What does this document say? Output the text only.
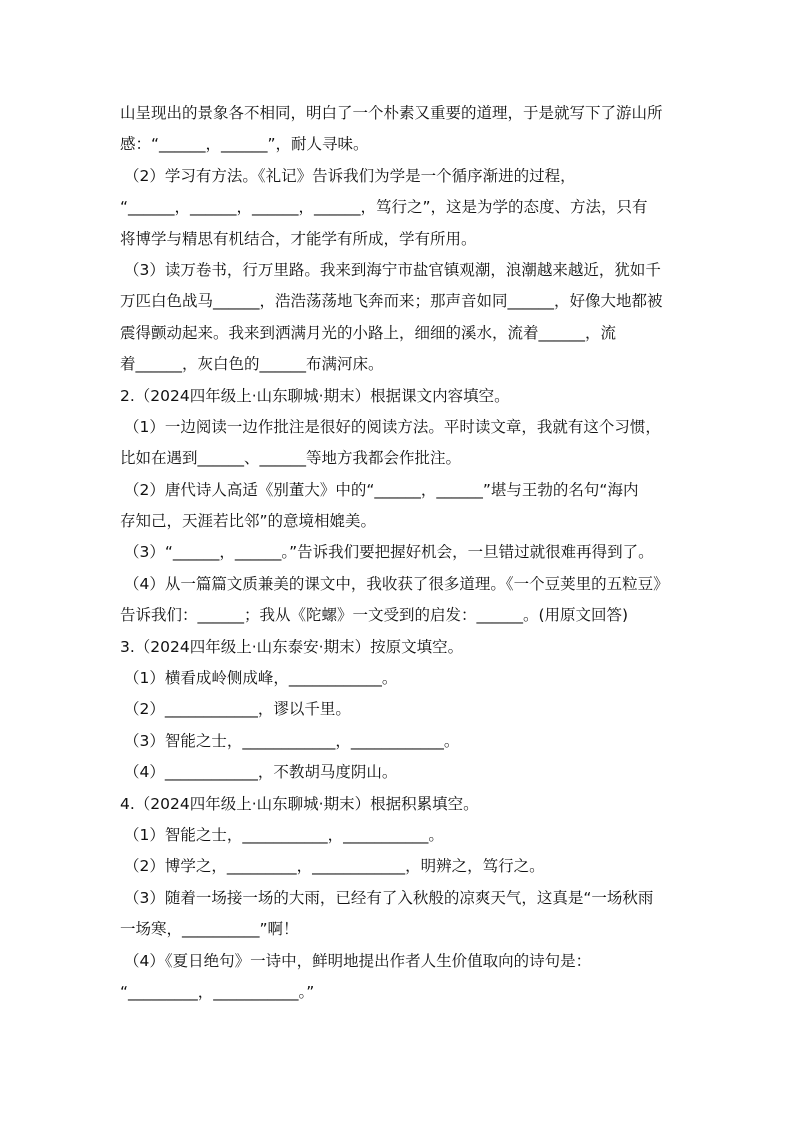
山呈现出的景象各不相同，明白了一个朴素又重要的道理，于是就写下了游山所
感：“______，______”，耐人寻味。
（2）学习有方法。《礼记》告诉我们为学是一个循序渐进的过程，
“______，______，______，______，笃行之”，这是为学的态度、方法，只有
将博学与精思有机结合，才能学有所成，学有所用。
（3）读万卷书，行万里路。我来到海宁市盐官镇观潮，浪潮越来越近，犹如千
万匹白色战马______，浩浩荡荡地飞奔而来；那声音如同______，好像大地都被
震得颤动起来。我来到洒满月光的小路上，细细的溪水，流着______，流
着______，灰白色的______布满河床。
2.（2024四年级上·山东聊城·期末）根据课文内容填空。
（1）一边阅读一边作批注是很好的阅读方法。平时读文章，我就有这个习惯，
比如在遇到______、______等地方我都会作批注。
（2）唐代诗人高适《别董大》中的“______，______”堪与王勃的名句“海内
存知己，天涯若比邻”的意境相媲美。
（3）“______，______。”告诉我们要把握好机会，一旦错过就很难再得到了。
（4）从一篇篇文质兼美的课文中，我收获了很多道理。《一个豆荚里的五粒豆》
告诉我们：______；我从《陀螺》一文受到的启发：______。(用原文回答)
3.（2024四年级上·山东泰安·期末）按原文填空。
（1）横看成岭侧成峰，____________。
（2）____________，谬以千里。
（3）智能之士，____________，____________。
（4）____________，不教胡马度阴山。
4.（2024四年级上·山东聊城·期末）根据积累填空。
（1）智能之士，___________，___________。
（2）博学之，_________，____________，明辨之，笃行之。
（3）随着一场接一场的大雨，已经有了入秋般的凉爽天气，这真是“一场秋雨
一场寒，__________”啊！
（4）《夏日绝句》一诗中，鲜明地提出作者人生价值取向的诗句是：
“_________，___________。”
